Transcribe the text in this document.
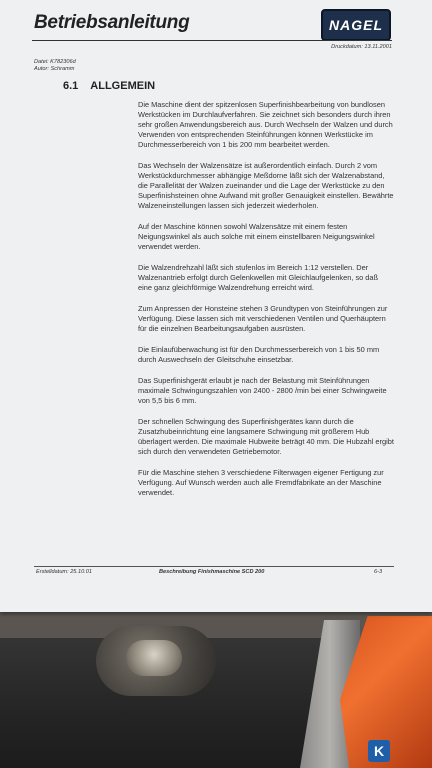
Betriebsanleitung	NAGEL
Druckdatum: 13.11.2001
Datei: K782306d
Autor: Schramm
6.1 ALLGEMEIN

Die Maschine dient der spitzenlosen Superfinishbearbeitung von bundlosen Werkstücken im Durchlaufverfahren. Sie zeichnet sich besonders durch ihren sehr großen Anwendungsbereich aus. Durch Wechseln der Walzen und durch Verwenden von entsprechenden Steinführungen können Werkstücke im Durchmesserbereich von 1 bis 200 mm bearbeitet werden.

Das Wechseln der Walzensätze ist außerordentlich einfach. Durch 2 vom Werkstückdurchmesser abhängige Meßdorne läßt sich der Walzenabstand, die Parallelität der Walzen zueinander und die Lage der Werkstücke zu den Superfinishsteinen ohne Aufwand mit großer Genauigkeit einstellen. Bewährte Walzeneinstellungen lassen sich jederzeit wiederholen.

Auf der Maschine können sowohl Walzensätze mit einem festen Neigungswinkel als auch solche mit einem einstellbaren Neigungswinkel verwendet werden.

Die Walzendrehzahl läßt sich stufenlos im Bereich 1:12 verstellen. Der Walzenantrieb erfolgt durch Gelenkwellen mit Gleichlaufgelenken, so daß eine ganz gleichförmige Walzendrehung erreicht wird.

Zum Anpressen der Honsteine stehen 3 Grundtypen von Steinführungen zur Verfügung. Diese lassen sich mit verschiedenen Ventilen und Querhäuptern für die einzelnen Bearbeitungsaufgaben ausrüsten.

Die Einlaufüberwachung ist für den Durchmesserbereich von 1 bis 50 mm durch Auswechseln der Gleitschuhe einsetzbar.

Das Superfinishgerät erlaubt je nach der Belastung mit Steinführungen maximale Schwingungszahlen von 2400 - 2800 /min bei einer Schwingweite von 5,5 bis 6 mm.

Der schnellen Schwingung des Superfinishgerätes kann durch die Zusatzhubeinrichtung eine langsamere Schwingung mit größerem Hub überlagert werden. Die maximale Hubweite beträgt 40 mm. Die Hubzahl ergibt sich durch den verwendeten Getriebemotor.

Für die Maschine stehen 3 verschiedene Filterwagen eigener Fertigung zur Verfügung. Auf Wunsch werden auch alle Fremdfabrikate an der Maschine verwendet.

Erstelldatum: 25.10.01	Beschreibung Finishmaschine SCD 200	6-3
K
